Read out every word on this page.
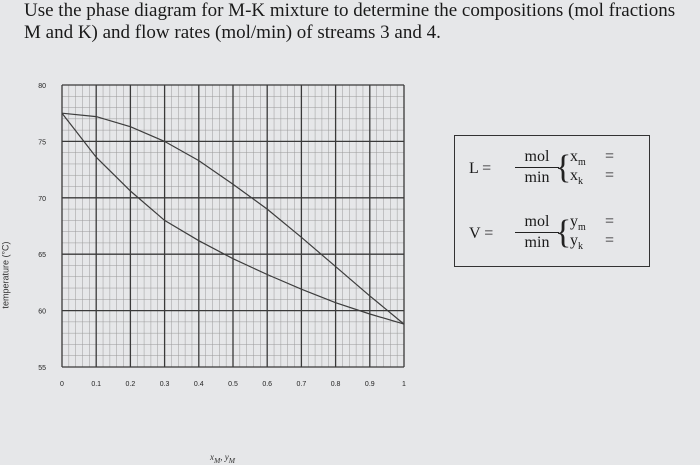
Use the phase diagram for M-K mixture to determine the compositions (mol fractions
M and K) and flow rates (mol/min) of streams 3 and 4.
temperature (°C)
0	0.1	0.2	0.3	0.4	0.5	0.6	0.7	0.8	0.9	1
55
60
65
70
75
80
$x_M$, $y_M$
L =
mol
min {
$x_m$ =
$x_k$ =
V =
mol
min {
$y_m$ =
$y_k$ =
